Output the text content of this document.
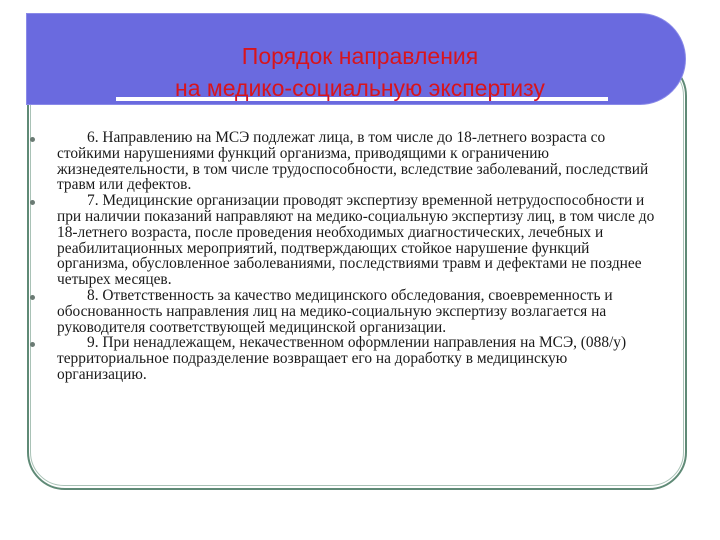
Порядок направления
на медико-социальную экспертизу

6. Направлению на МСЭ подлежат лица, в том числе до 18-летнего возраста со стойкими нарушениями функций организма, приводящими к ограничению жизнедеятельности, в том числе трудоспособности, вследствие заболеваний, последствий травм или дефектов.

7. Медицинские организации проводят экспертизу временной нетрудоспособности и при наличии показаний направляют на медико-социальную экспертизу лиц, в том числе до 18-летнего возраста, после проведения необходимых диагностических, лечебных и реабилитационных мероприятий, подтверждающих стойкое нарушение функций организма, обусловленное заболеваниями, последствиями травм и дефектами не позднее четырех месяцев.

8. Ответственность за качество медицинского обследования, своевременность и обоснованность направления лиц на медико-социальную экспертизу возлагается на руководителя соответствующей медицинской организации.

9. При ненадлежащем, некачественном оформлении направления на МСЭ, (088/у) территориальное подразделение возвращает его на доработку в медицинскую организацию.
